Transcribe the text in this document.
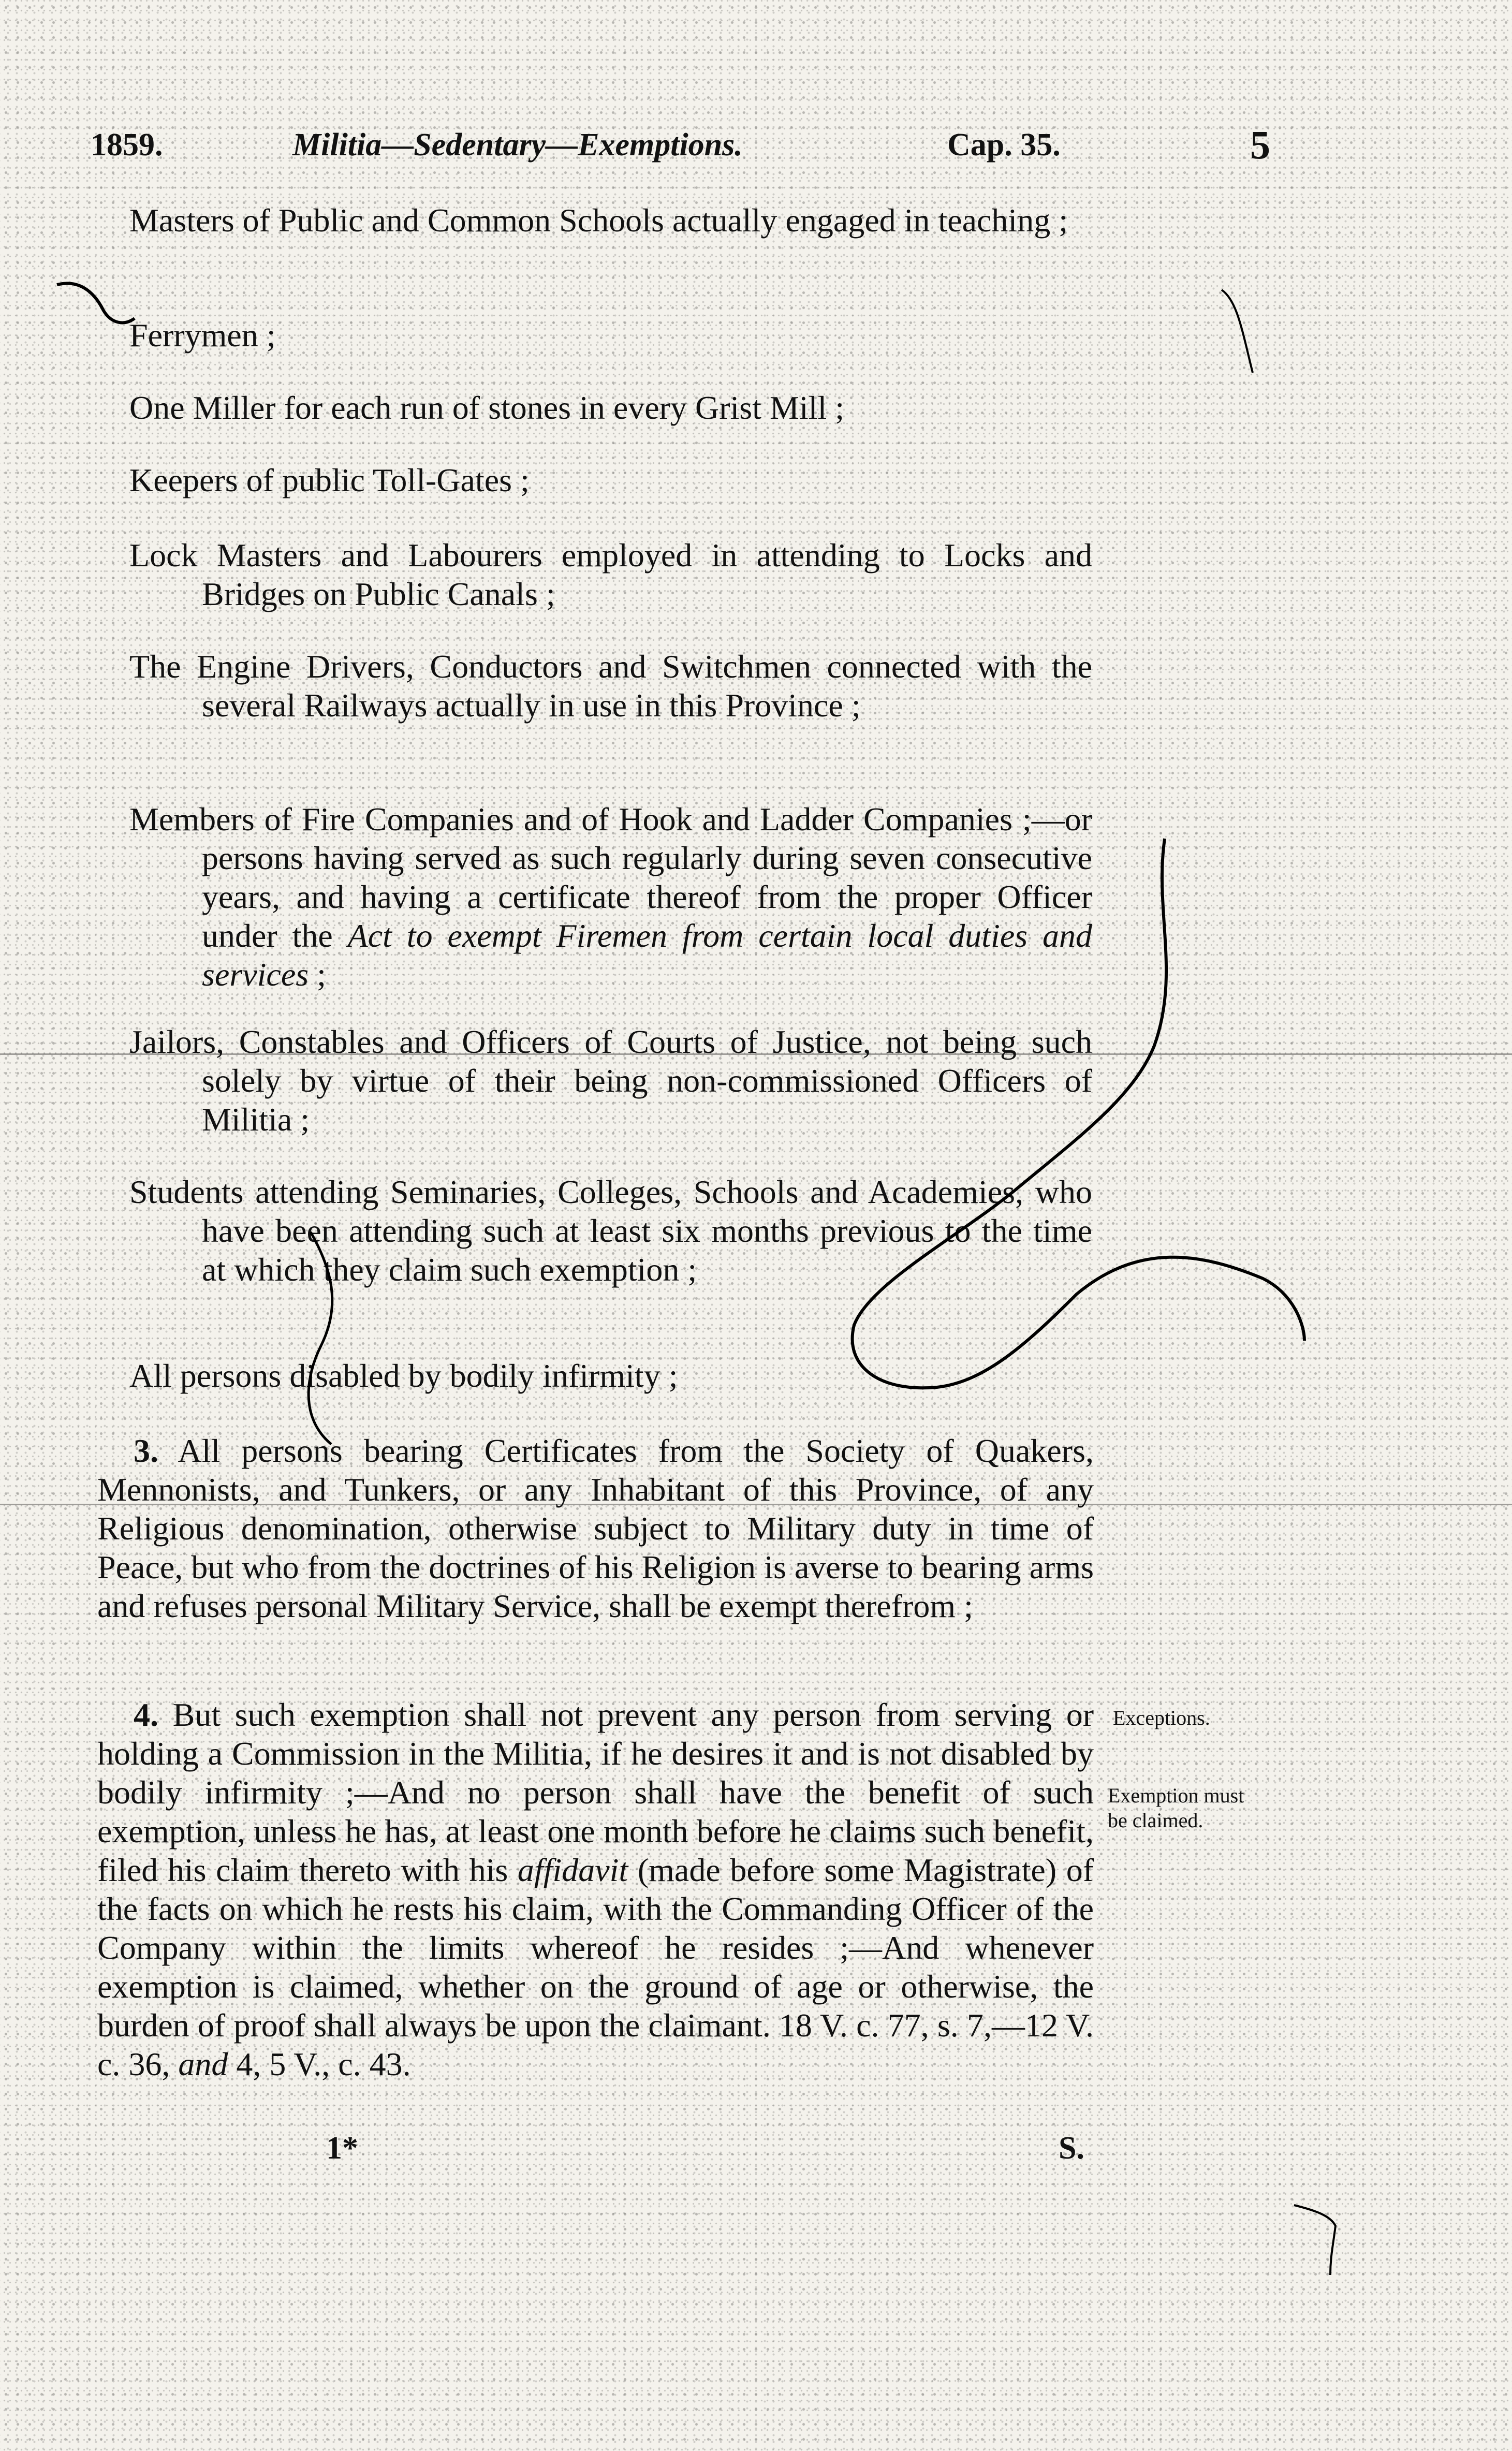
1859.	Militia—Sedentary—Exemptions.	Cap. 35.	5
Masters of Public and Common Schools actually engaged in teaching ;
Ferrymen ;
One Miller for each run of stones in every Grist Mill ;
Keepers of public Toll-Gates ;
Lock Masters and Labourers employed in attending to Locks and Bridges on Public Canals ;
The Engine Drivers, Conductors and Switchmen connected with the several Railways actually in use in this Province ;
Members of Fire Companies and of Hook and Ladder Companies ;—or persons having served as such regularly during seven consecutive years, and having a certificate thereof from the proper Officer under the Act to exempt Firemen from certain local duties and services ;
Jailors, Constables and Officers of Courts of Justice, not being such solely by virtue of their being non-commissioned Officers of Militia ;
Students attending Seminaries, Colleges, Schools and Academies, who have been attending such at least six months previous to the time at which they claim such exemption ;
All persons disabled by bodily infirmity ;
3. All persons bearing Certificates from the Society of Quakers, Mennonists, and Tunkers, or any Inhabitant of this Province, of any Religious denomination, otherwise subject to Military duty in time of Peace, but who from the doctrines of his Religion is averse to bearing arms and refuses personal Military Service, shall be exempt therefrom ;
4. But such exemption shall not prevent any person from serving or holding a Commission in the Militia, if he desires it and is not disabled by bodily infirmity ;—And no person shall have the benefit of such exemption, unless he has, at least one month before he claims such benefit, filed his claim thereto with his affidavit (made before some Magistrate) of the facts on which he rests his claim, with the Commanding Officer of the Company within the limits whereof he resides ;—And whenever exemption is claimed, whether on the ground of age or otherwise, the burden of proof shall always be upon the claimant. 18 V. c. 77, s. 7,—12 V. c. 36, and 4, 5 V., c. 43.
Exceptions.
Exemption must be claimed.
1*	S.
